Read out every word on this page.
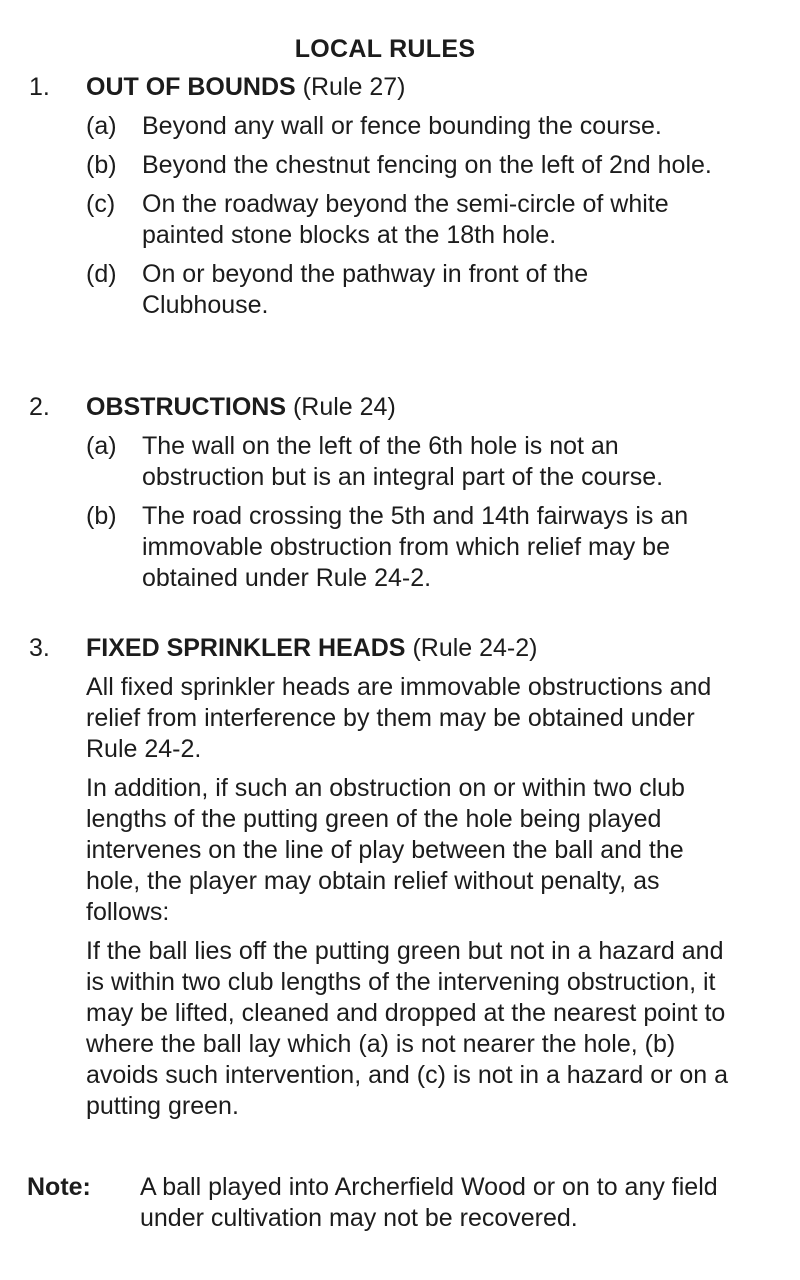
LOCAL RULES
1. OUT OF BOUNDS (Rule 27)
(a) Beyond any wall or fence bounding the course.
(b) Beyond the chestnut fencing on the left of 2nd hole.
(c) On the roadway beyond the semi-circle of white painted stone blocks at the 18th hole.
(d) On or beyond the pathway in front of the Clubhouse.
2. OBSTRUCTIONS (Rule 24)
(a) The wall on the left of the 6th hole is not an obstruction but is an integral part of the course.
(b) The road crossing the 5th and 14th fairways is an immovable obstruction from which relief may be obtained under Rule 24-2.
3. FIXED SPRINKLER HEADS (Rule 24-2)
All fixed sprinkler heads are immovable obstructions and relief from interference by them may be obtained under Rule 24-2.
In addition, if such an obstruction on or within two club lengths of the putting green of the hole being played intervenes on the line of play between the ball and the hole, the player may obtain relief without penalty, as follows:
If the ball lies off the putting green but not in a hazard and is within two club lengths of the intervening obstruction, it may be lifted, cleaned and dropped at the nearest point to where the ball lay which (a) is not nearer the hole, (b) avoids such intervention, and (c) is not in a hazard or on a putting green.
Note: A ball played into Archerfield Wood or on to any field under cultivation may not be recovered.
